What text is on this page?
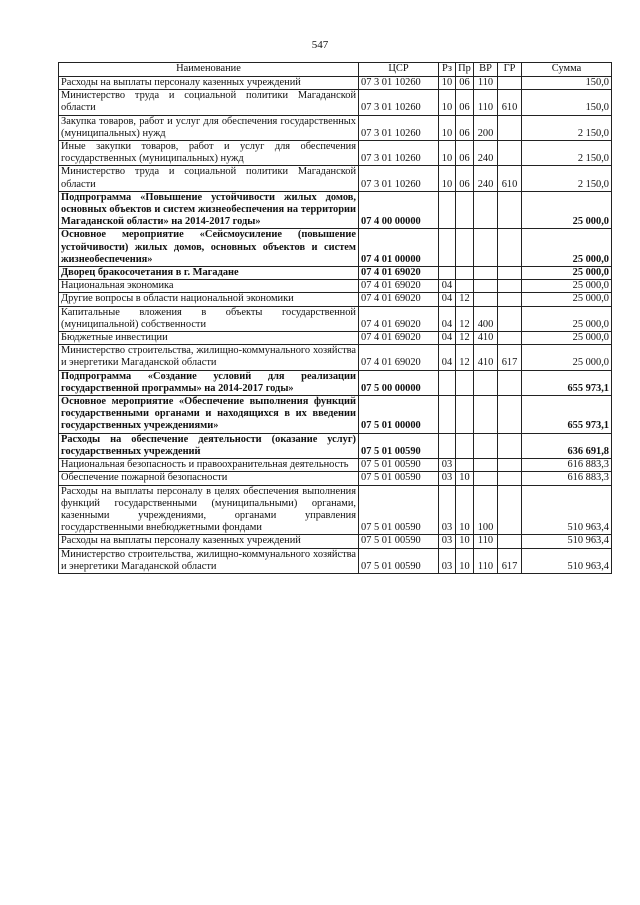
547
Наименование	ЦСР	Рз	Пр	ВР	ГР	Сумма
Расходы на выплаты персоналу казенных учреждений	07 3 01 10260	10	06	110		150,0
Министерство труда и социальной политики Магаданской области	07 3 01 10260	10	06	110	610	150,0
Закупка товаров, работ и услуг для обеспечения государственных (муниципальных) нужд	07 3 01 10260	10	06	200		2 150,0
Иные закупки товаров, работ и услуг для обеспечения государственных (муниципальных) нужд	07 3 01 10260	10	06	240		2 150,0
Министерство труда и социальной политики Магаданской области	07 3 01 10260	10	06	240	610	2 150,0
Подпрограмма «Повышение устойчивости жилых домов, основных объектов и систем жизнеобеспечения на территории Магаданской области» на 2014-2017 годы»	07 4 00 00000					25 000,0
Основное мероприятие «Сейсмоусиление (повышение устойчивости) жилых домов, основных объектов и систем жизнеобеспечения»	07 4 01 00000					25 000,0
Дворец бракосочетания в г. Магадане	07 4 01 69020					25 000,0
Национальная экономика	07 4 01 69020	04				25 000,0
Другие вопросы в области национальной экономики	07 4 01 69020	04	12			25 000,0
Капитальные вложения в объекты государственной (муниципальной) собственности	07 4 01 69020	04	12	400		25 000,0
Бюджетные инвестиции	07 4 01 69020	04	12	410		25 000,0
Министерство строительства, жилищно-коммунального хозяйства и энергетики Магаданской области	07 4 01 69020	04	12	410	617	25 000,0
Подпрограмма «Создание условий для реализации государственной программы» на 2014-2017 годы»	07 5 00 00000					655 973,1
Основное мероприятие «Обеспечение выполнения функций государственными органами и находящихся в их введении государственных учреждениями»	07 5 01 00000					655 973,1
Расходы на обеспечение деятельности (оказание услуг) государственных учреждений	07 5 01 00590					636 691,8
Национальная безопасность и правоохранительная деятельность	07 5 01 00590	03				616 883,3
Обеспечение пожарной безопасности	07 5 01 00590	03	10			616 883,3
Расходы на выплаты персоналу в целях обеспечения выполнения функций государственными (муниципальными) органами, казенными учреждениями, органами управления государственными внебюджетными фондами	07 5 01 00590	03	10	100		510 963,4
Расходы на выплаты персоналу казенных учреждений	07 5 01 00590	03	10	110		510 963,4
Министерство строительства, жилищно-коммунального хозяйства и энергетики Магаданской области	07 5 01 00590	03	10	110	617	510 963,4
